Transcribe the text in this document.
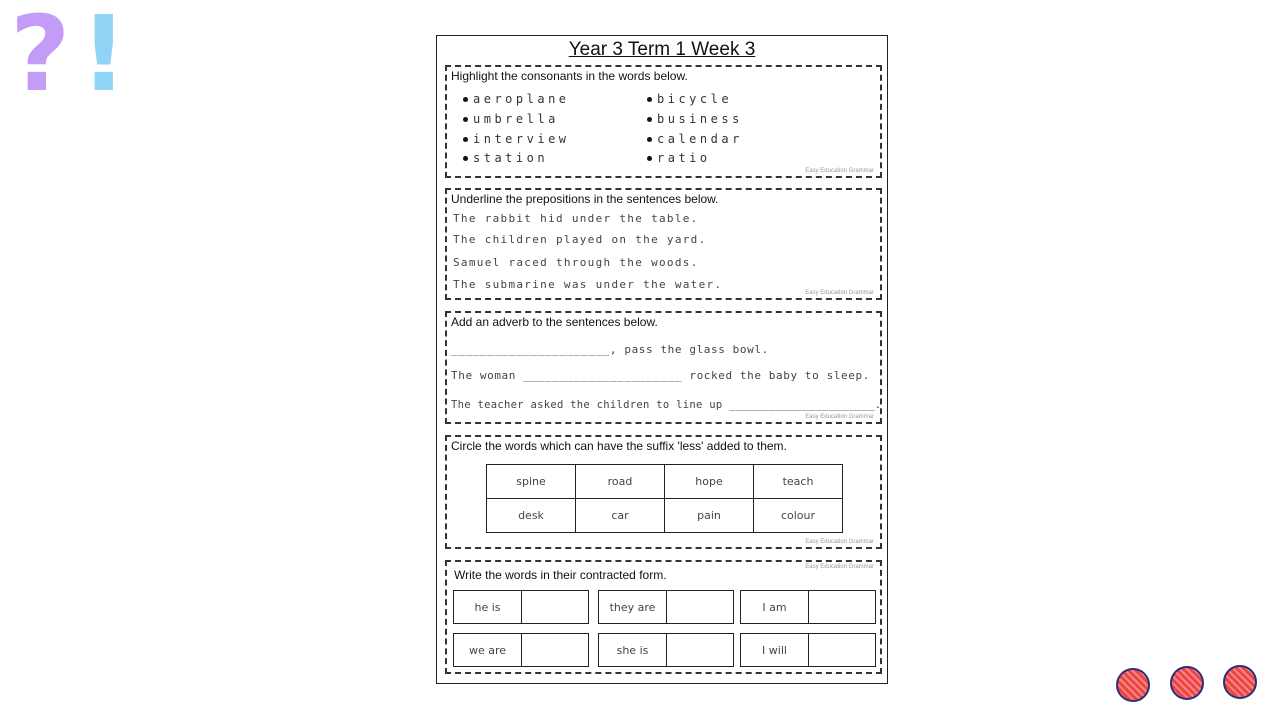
? !	Year 3 Term 1 Week 3
Highlight the consonants in the words below.
aeroplane
umbrella
interview
station
bicycle
business
calendar
ratio
Easy Education Grammar
Underline the prepositions in the sentences below.
The rabbit hid under the table.
The children played on the yard.
Samuel raced through the woods.
The submarine was under the water.
Easy Education Grammar
Add an adverb to the sentences below.
______________________, pass the glass bowl.
The woman ______________________ rocked the baby to sleep.
The teacher asked the children to line up ______________________.
Easy Education Grammar
Circle the words which can have the suffix 'less' added to them.
spine	road	hope	teach
desk	car	pain	colour
Easy Education Grammar
Easy Education Grammar
Write the words in their contracted form.
he is	they are	I am
we are	she is	I will
